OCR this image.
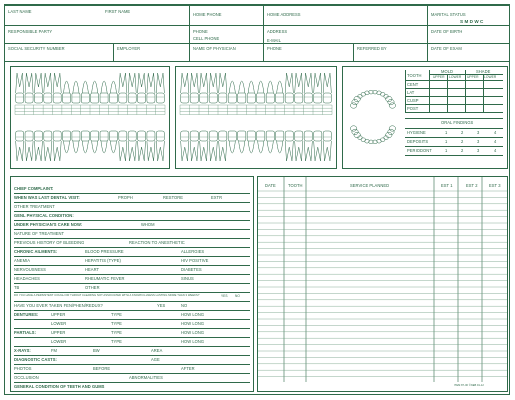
LAST NAME	FIRST NAME
HOME PHONE	HOME ADDRESS	MARITAL STATUS
S M D W C
RESPONSIBLE PARTY	PHONE	ADDRESS	DATE OF BIRTH
CELL PHONE	E-MAIL
SOCIAL SECURITY NUMBER	EMPLOYER	NAME OF PHYSICIAN	PHONE	REFERRED BY	DATE OF EXAM
TOOTH
MOLD	SHADE
UPPER LOWER UPPER LOWER
CENT
LAT
CUSP
POST
ORAL FINDINGS
HYGIENE	1	2	3	4
DEPOSITS	1	2	3	4
PERIODONT	1	2	3	4
CHIEF COMPLAINT:
WHEN WAS LAST DENTAL VISIT:	PROPH	RESTORE	EXTR
OTHER TREATMENT
GENL PHYSICAL CONDITION:
UNDER PHYSICIAN'S CARE NOW:	WHOM
NATURE OF TREATMENT
PREVIOUS HISTORY OF BLEEDING	REACTION TO ANESTHETIC
CHRONIC AILMENTS:	BLOOD PRESSURE	ALLERGIES
ANEMIA	HEPATITIS (TYPE)	HIV POSITIVE
NERVOUSNESS	HEART	DIABETES
HEADACHES	RHEUMATIC FEVER	SINUS
TB	OTHER
DO YOU HAVE A PERSISTENT COUGH OR THROAT CLEARING NOT ASSOCIATED WITH A KNOWN ILLNESS LASTING MORE THAN 3 WEEKS?	YES NO
HAVE YOU EVER TAKEN FEN/PHEN/REDUX?	YES	NO
DENTURES:	UPPER	TYPE	HOW LONG
LOWER	TYPE	HOW LONG
PARTIALS:	UPPER	TYPE	HOW LONG
LOWER	TYPE	HOW LONG
X-RAYS:	FM	BW	AREA
DIAGNOSTIC CASTS:	AGE
PHOTOS	BEFORE	AFTER
OCCLUSION	ABNORMALITIES
GENERAL CONDITION OF TEETH AND GUMS
DATE	TOOTH	SERVICE PLANNED	EST 1	EST 2	EST 3
ITEM 87-00 ©NEB 91-12
